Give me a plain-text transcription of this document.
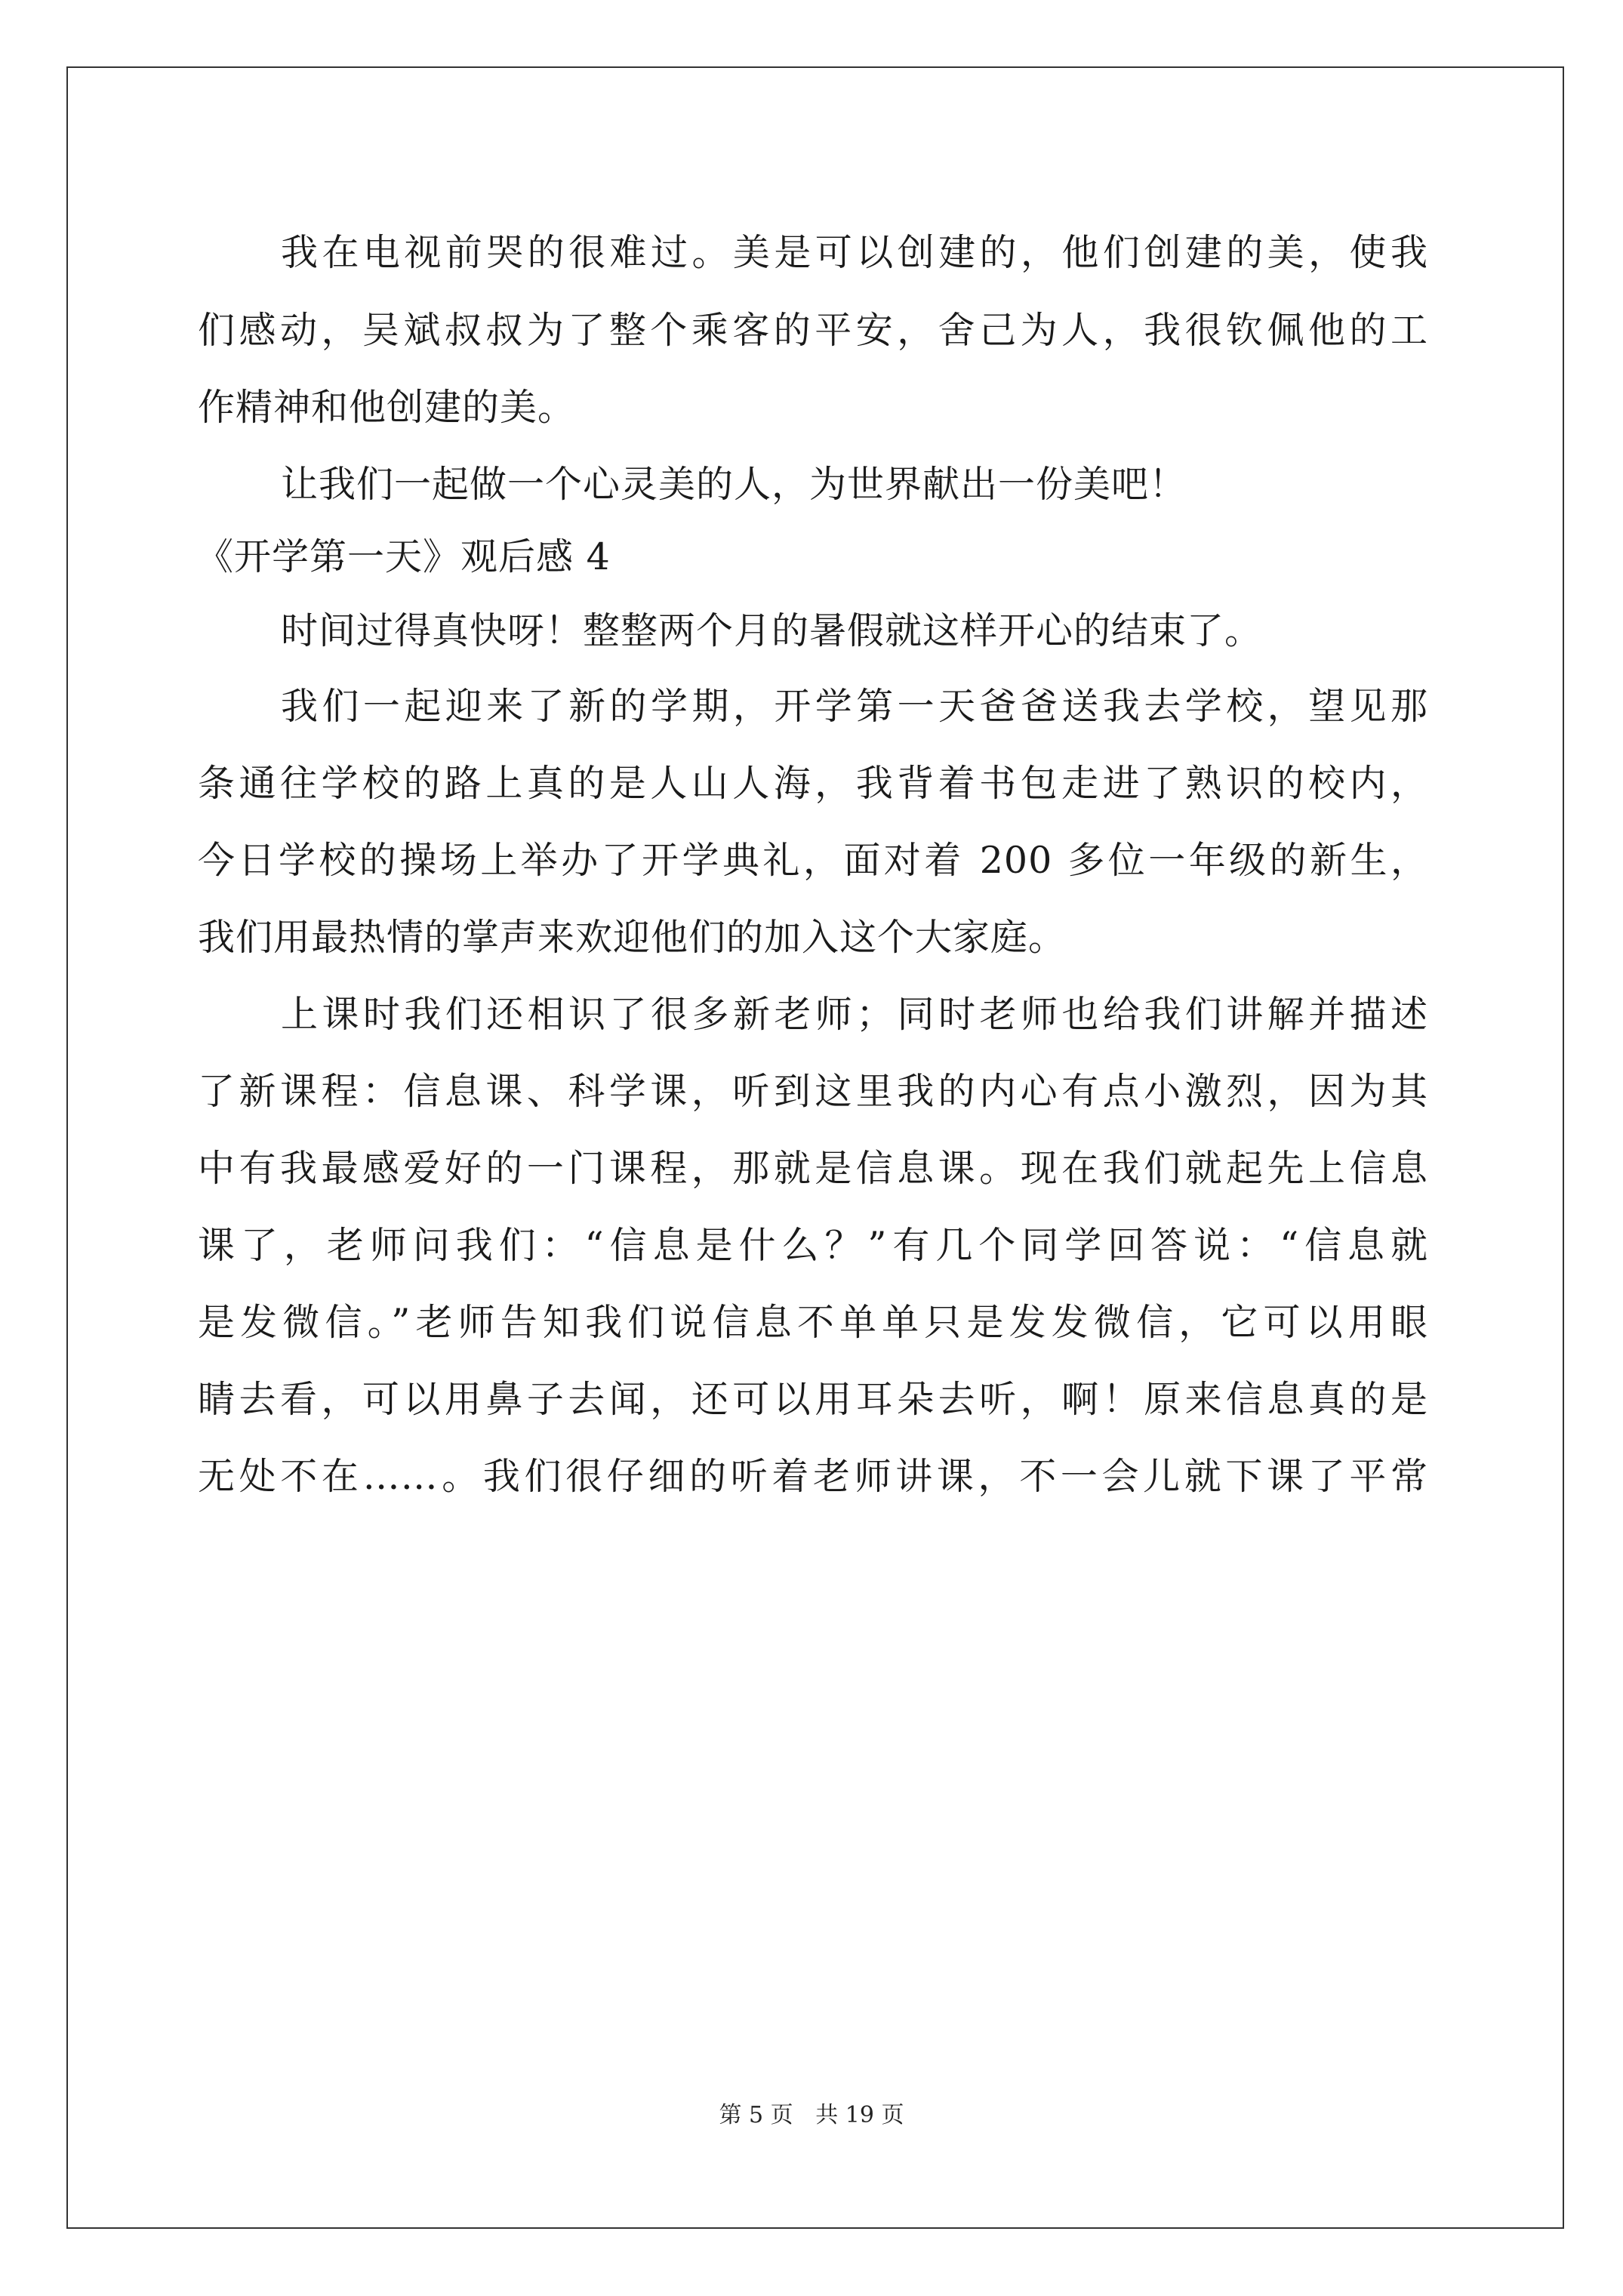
我在电视前哭的很难过。美是可以创建的，他们创建的美，使我
们感动，吴斌叔叔为了整个乘客的平安，舍己为人，我很钦佩他的工
作精神和他创建的美。
让我们一起做一个心灵美的人，为世界献出一份美吧！
《开学第一天》观后感 4
时间过得真快呀！整整两个月的暑假就这样开心的结束了。
我们一起迎来了新的学期，开学第一天爸爸送我去学校，望见那
条通往学校的路上真的是人山人海，我背着书包走进了熟识的校内，
今日学校的操场上举办了开学典礼，面对着 200 多位一年级的新生，
我们用最热情的掌声来欢迎他们的加入这个大家庭。
上课时我们还相识了很多新老师；同时老师也给我们讲解并描述
了新课程：信息课、科学课，听到这里我的内心有点小激烈，因为其
中有我最感爱好的一门课程，那就是信息课。现在我们就起先上信息
课了，老师问我们：“信息是什么？”有几个同学回答说：“信息就
是发微信。”老师告知我们说信息不单单只是发发微信，它可以用眼
睛去看，可以用鼻子去闻，还可以用耳朵去听，啊！原来信息真的是
无处不在……。我们很仔细的听着老师讲课，不一会儿就下课了平常
第 5 页 共 19 页
